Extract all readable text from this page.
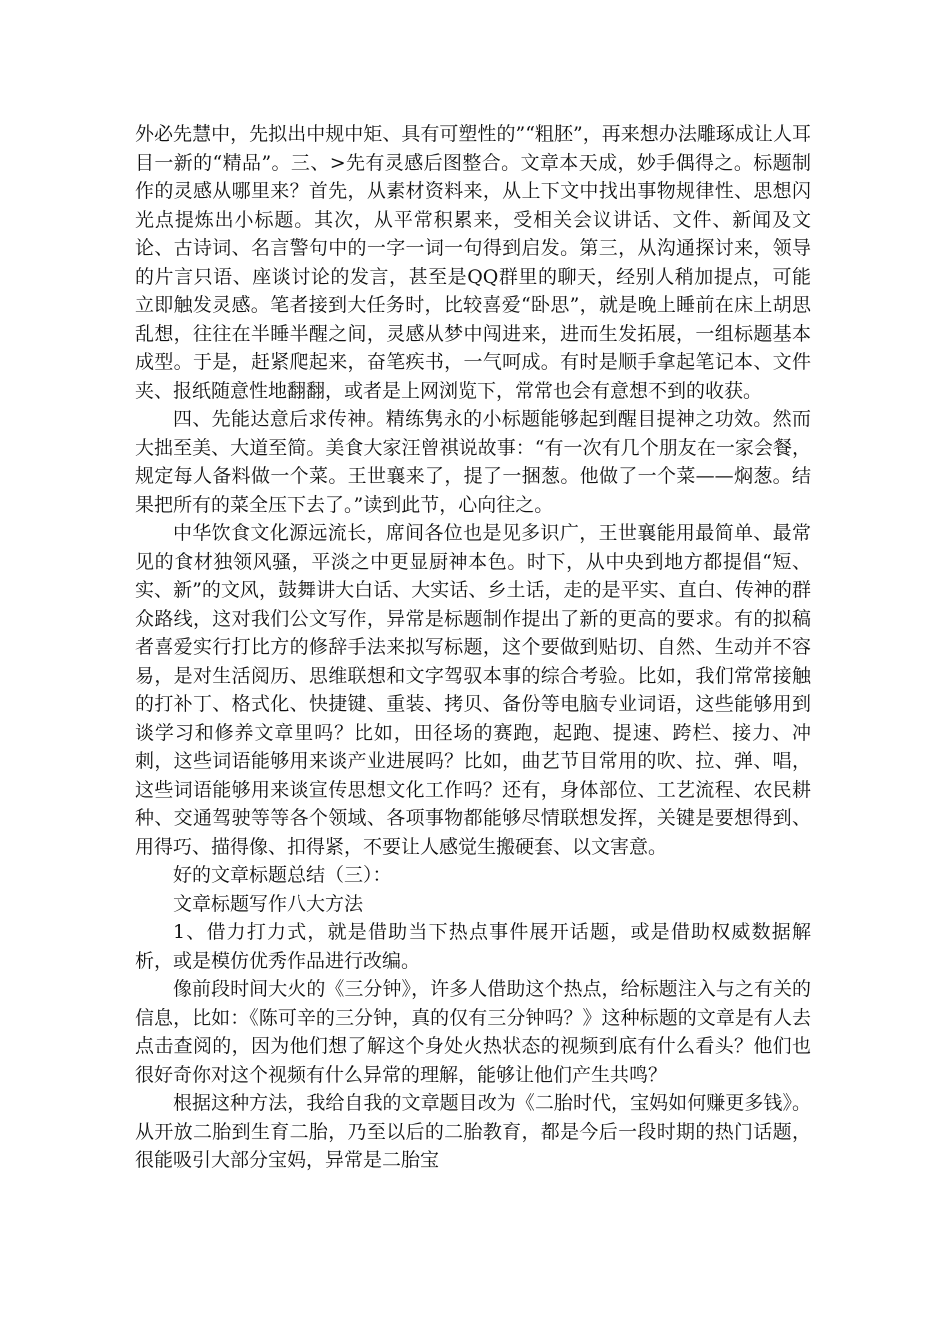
外必先慧中，先拟出中规中矩、具有可塑性的”“粗胚”，再来想办法雕琢成让人耳目一新的“精品”。三、>先有灵感后图整合。文章本天成，妙手偶得之。标题制作的灵感从哪里来？首先，从素材资料来，从上下文中找出事物规律性、思想闪光点提炼出小标题。其次，从平常积累来，受相关会议讲话、文件、新闻及文论、古诗词、名言警句中的一字一词一句得到启发。第三，从沟通探讨来，领导的片言只语、座谈讨论的发言，甚至是QQ群里的聊天，经别人稍加提点，可能立即触发灵感。笔者接到大任务时，比较喜爱“卧思”，就是晚上睡前在床上胡思乱想，往往在半睡半醒之间，灵感从梦中闯进来，进而生发拓展，一组标题基本成型。于是，赶紧爬起来，奋笔疾书，一气呵成。有时是顺手拿起笔记本、文件夹、报纸随意性地翻翻，或者是上网浏览下，常常也会有意想不到的收获。

四、先能达意后求传神。精练隽永的小标题能够起到醒目提神之功效。然而大拙至美、大道至简。美食大家汪曾祺说故事：“有一次有几个朋友在一家会餐，规定每人备料做一个菜。王世襄来了，提了一捆葱。他做了一个菜——焖葱。结果把所有的菜全压下去了。”读到此节，心向往之。

中华饮食文化源远流长，席间各位也是见多识广，王世襄能用最简单、最常见的食材独领风骚，平淡之中更显厨神本色。时下，从中央到地方都提倡“短、实、新”的文风，鼓舞讲大白话、大实话、乡土话，走的是平实、直白、传神的群众路线，这对我们公文写作，异常是标题制作提出了新的更高的要求。有的拟稿者喜爱实行打比方的修辞手法来拟写标题，这个要做到贴切、自然、生动并不容易，是对生活阅历、思维联想和文字驾驭本事的综合考验。比如，我们常常接触的打补丁、格式化、快捷键、重装、拷贝、备份等电脑专业词语，这些能够用到谈学习和修养文章里吗？比如，田径场的赛跑，起跑、提速、跨栏、接力、冲刺，这些词语能够用来谈产业进展吗？比如，曲艺节目常用的吹、拉、弹、唱，这些词语能够用来谈宣传思想文化工作吗？还有，身体部位、工艺流程、农民耕种、交通驾驶等等各个领域、各项事物都能够尽情联想发挥，关键是要想得到、用得巧、描得像、扣得紧，不要让人感觉生搬硬套、以文害意。

好的文章标题总结（三）：

文章标题写作八大方法

1、借力打力式，就是借助当下热点事件展开话题，或是借助权威数据解析，或是模仿优秀作品进行改编。

像前段时间大火的《三分钟》，许多人借助这个热点，给标题注入与之有关的信息，比如：《陈可辛的三分钟，真的仅有三分钟吗？》这种标题的文章是有人去点击查阅的，因为他们想了解这个身处火热状态的视频到底有什么看头？他们也很好奇你对这个视频有什么异常的理解，能够让他们产生共鸣？

根据这种方法，我给自我的文章题目改为《二胎时代，宝妈如何赚更多钱》。从开放二胎到生育二胎，乃至以后的二胎教育，都是今后一段时期的热门话题，很能吸引大部分宝妈，异常是二胎宝
